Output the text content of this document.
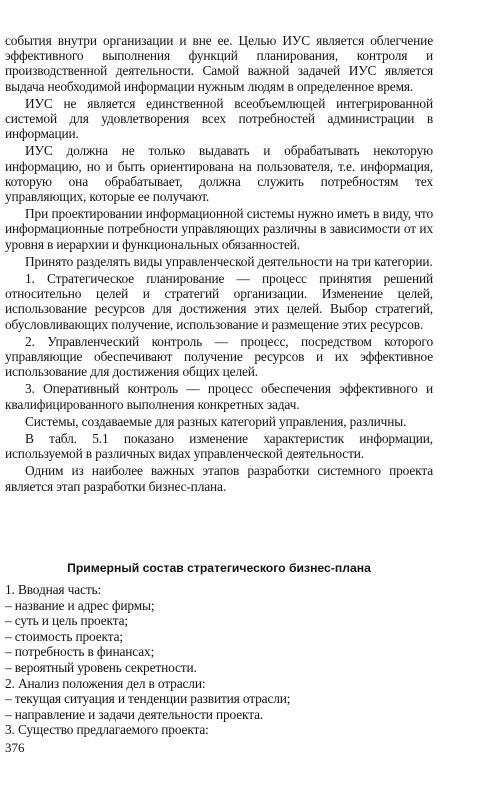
события внутри организации и вне ее. Целью ИУС является облегчение эффективного выполнения функций планирования, контроля и производственной деятельности. Самой важной задачей ИУС является выдача необходимой информации нужным людям в определенное время.

ИУС не является единственной всеобъемлющей интегрированной системой для удовлетворения всех потребностей администрации в информации.

ИУС должна не только выдавать и обрабатывать некоторую информацию, но и быть ориентирована на пользователя, т.е. информация, которую она обрабатывает, должна служить потребностям тех управляющих, которые ее получают.

При проектировании информационной системы нужно иметь в виду, что информационные потребности управляющих различны в зависимости от их уровня в иерархии и функциональных обязанностей.

Принято разделять виды управленческой деятельности на три категории.

1. Стратегическое планирование — процесс принятия решений относительно целей и стратегий организации. Изменение целей, использование ресурсов для достижения этих целей. Выбор стратегий, обусловливающих получение, использование и размещение этих ресурсов.

2. Управленческий контроль — процесс, посредством которого управляющие обеспечивают получение ресурсов и их эффективное использование для достижения общих целей.

3. Оперативный контроль — процесс обеспечения эффективного и квалифицированного выполнения конкретных задач.

Системы, создаваемые для разных категорий управления, различны.

В табл. 5.1 показано изменение характеристик информации, используемой в различных видах управленческой деятельности.

Одним из наиболее важных этапов разработки системного проекта является этап разработки бизнес-плана.

Примерный состав стратегического бизнес-плана
1. Вводная часть:
– название и адрес фирмы;
– суть и цель проекта;
– стоимость проекта;
– потребность в финансах;
– вероятный уровень секретности.
2. Анализ положения дел в отрасли:
– текущая ситуация и тенденции развития отрасли;
– направление и задачи деятельности проекта.
3. Существо предлагаемого проекта:
376
